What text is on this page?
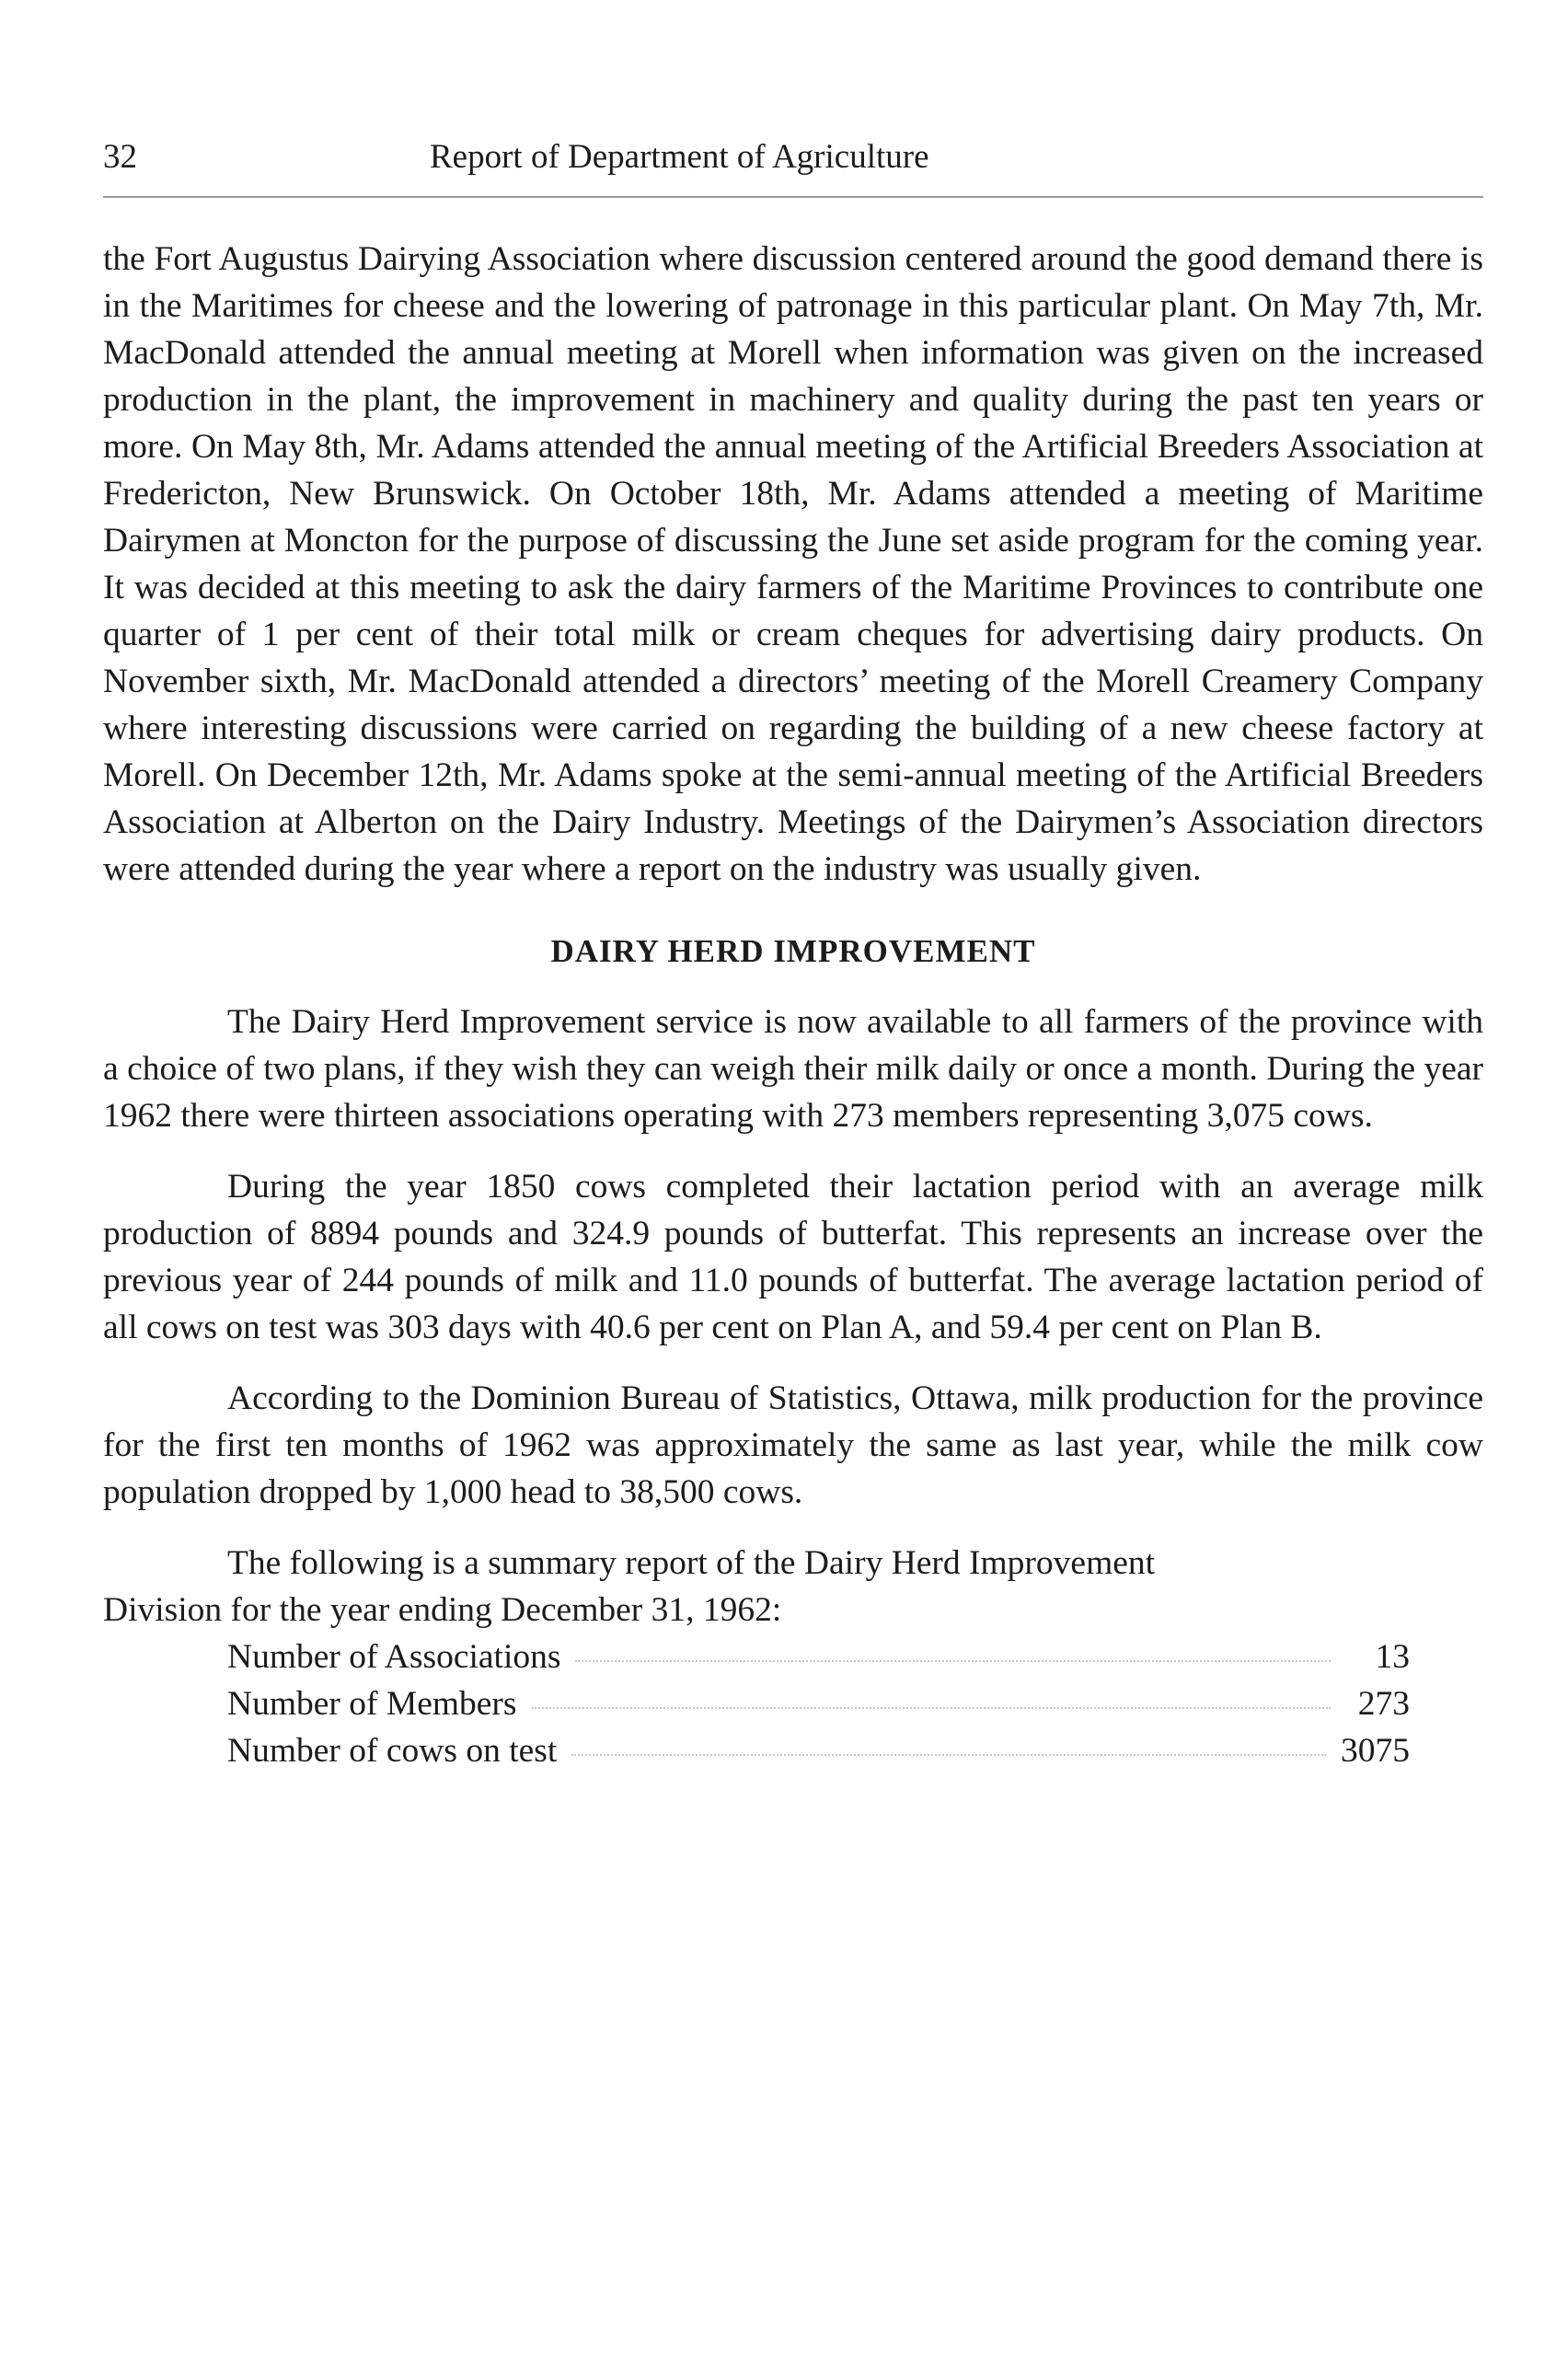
32	Report of Department of Agriculture

the Fort Augustus Dairying Association where discussion centered around the good demand there is in the Maritimes for cheese and the lowering of patronage in this particular plant. On May 7th, Mr. MacDonald attended the annual meeting at Morell when information was given on the increased production in the plant, the improvement in machinery and quality during the past ten years or more. On May 8th, Mr. Adams attended the annual meeting of the Artificial Breeders Association at Fredericton, New Brunswick. On October 18th, Mr. Adams attended a meeting of Maritime Dairymen at Moncton for the purpose of discussing the June set aside program for the coming year. It was decided at this meeting to ask the dairy farmers of the Maritime Provinces to contribute one quarter of 1 per cent of their total milk or cream cheques for advertising dairy products. On November sixth, Mr. MacDonald attended a directors’ meeting of the Morell Creamery Company where interesting discussions were carried on regarding the building of a new cheese factory at Morell. On December 12th, Mr. Adams spoke at the semi-annual meeting of the Artificial Breeders Association at Alberton on the Dairy Industry. Meetings of the Dairymen’s Association directors were attended during the year where a report on the industry was usually given.

DAIRY HERD IMPROVEMENT

The Dairy Herd Improvement service is now available to all farmers of the province with a choice of two plans, if they wish they can weigh their milk daily or once a month. During the year 1962 there were thirteen associations operating with 273 members representing 3,075 cows.

During the year 1850 cows completed their lactation period with an average milk production of 8894 pounds and 324.9 pounds of butterfat. This represents an increase over the previous year of 244 pounds of milk and 11.0 pounds of butterfat. The average lactation period of all cows on test was 303 days with 40.6 per cent on Plan A, and 59.4 per cent on Plan B.

According to the Dominion Bureau of Statistics, Ottawa, milk production for the province for the first ten months of 1962 was approximately the same as last year, while the milk cow population dropped by 1,000 head to 38,500 cows.

The following is a summary report of the Dairy Herd Improvement
Division for the year ending December 31, 1962:
Number of Associations	13
Number of Members	273
Number of cows on test	3075
